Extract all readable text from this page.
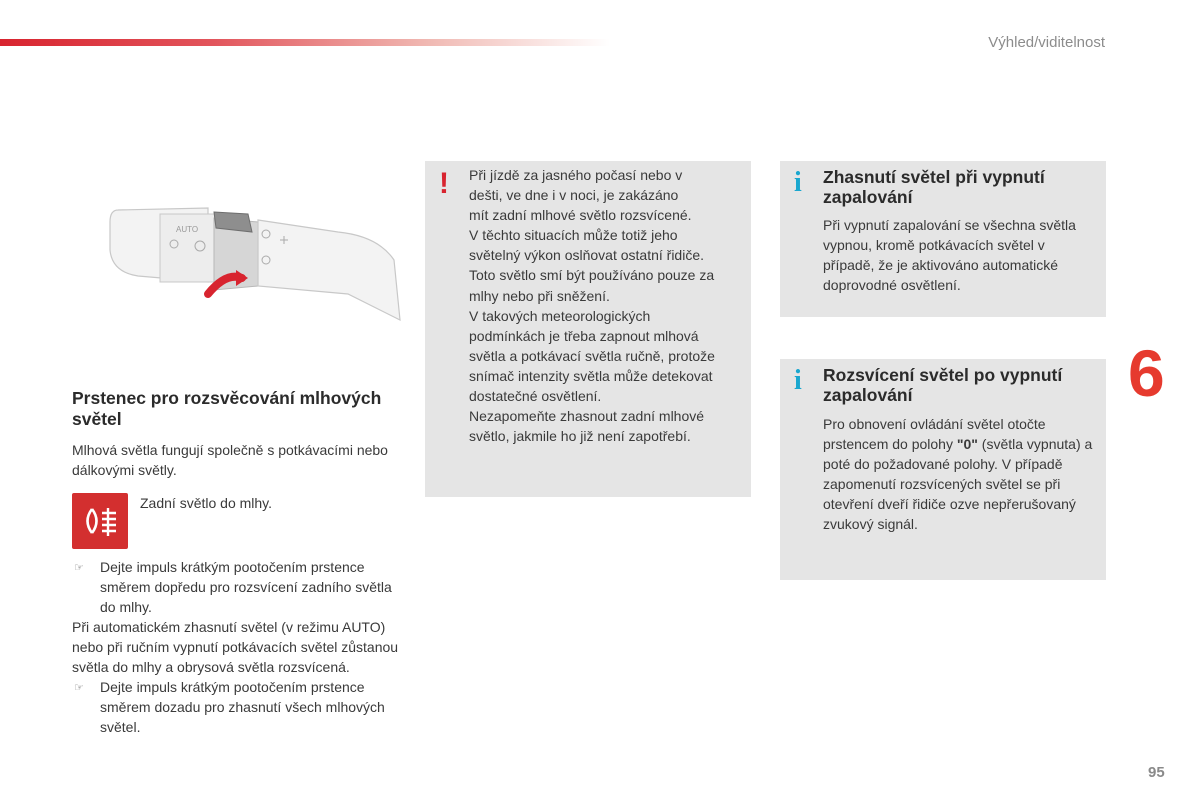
Výhled/viditelnost
6
95
AUTO
Prstenec pro rozsvěcování mlhových světel

Mlhová světla fungují společně s potkávacími nebo dálkovými světly.

Zadní světlo do mlhy.
☞ Dejte impuls krátkým pootočením prstence směrem dopředu pro rozsvícení zadního světla do mlhy.

Při automatickém zhasnutí světel (v režimu AUTO) nebo při ručním vypnutí potkávacích světel zůstanou světla do mlhy a obrysová světla rozsvícená.

☞ Dejte impuls krátkým pootočením prstence směrem dozadu pro zhasnutí všech mlhových světel.
! Při jízdě za jasného počasí nebo v
dešti, ve dne i v noci, je zakázáno
mít zadní mlhové světlo rozsvícené.
V těchto situacích může totiž jeho
světelný výkon oslňovat ostatní řidiče.
Toto světlo smí být používáno pouze za
mlhy nebo při sněžení.
V takových meteorologických
podmínkách je třeba zapnout mlhová
světla a potkávací světla ručně, protože
snímač intenzity světla může detekovat
dostatečné osvětlení.
Nezapomeňte zhasnout zadní mlhové
světlo, jakmile ho již není zapotřebí.
i Zhasnutí světel při vypnutí zapalování
Při vypnutí zapalování se všechna světla vypnou, kromě potkávacích světel v případě, že je aktivováno automatické doprovodné osvětlení.
i Rozsvícení světel po vypnutí zapalování
Pro obnovení ovládání světel otočte prstencem do polohy "0" (světla vypnuta) a poté do požadované polohy. V případě zapomenutí rozsvícených světel se při otevření dveří řidiče ozve nepřerušovaný zvukový signál.
